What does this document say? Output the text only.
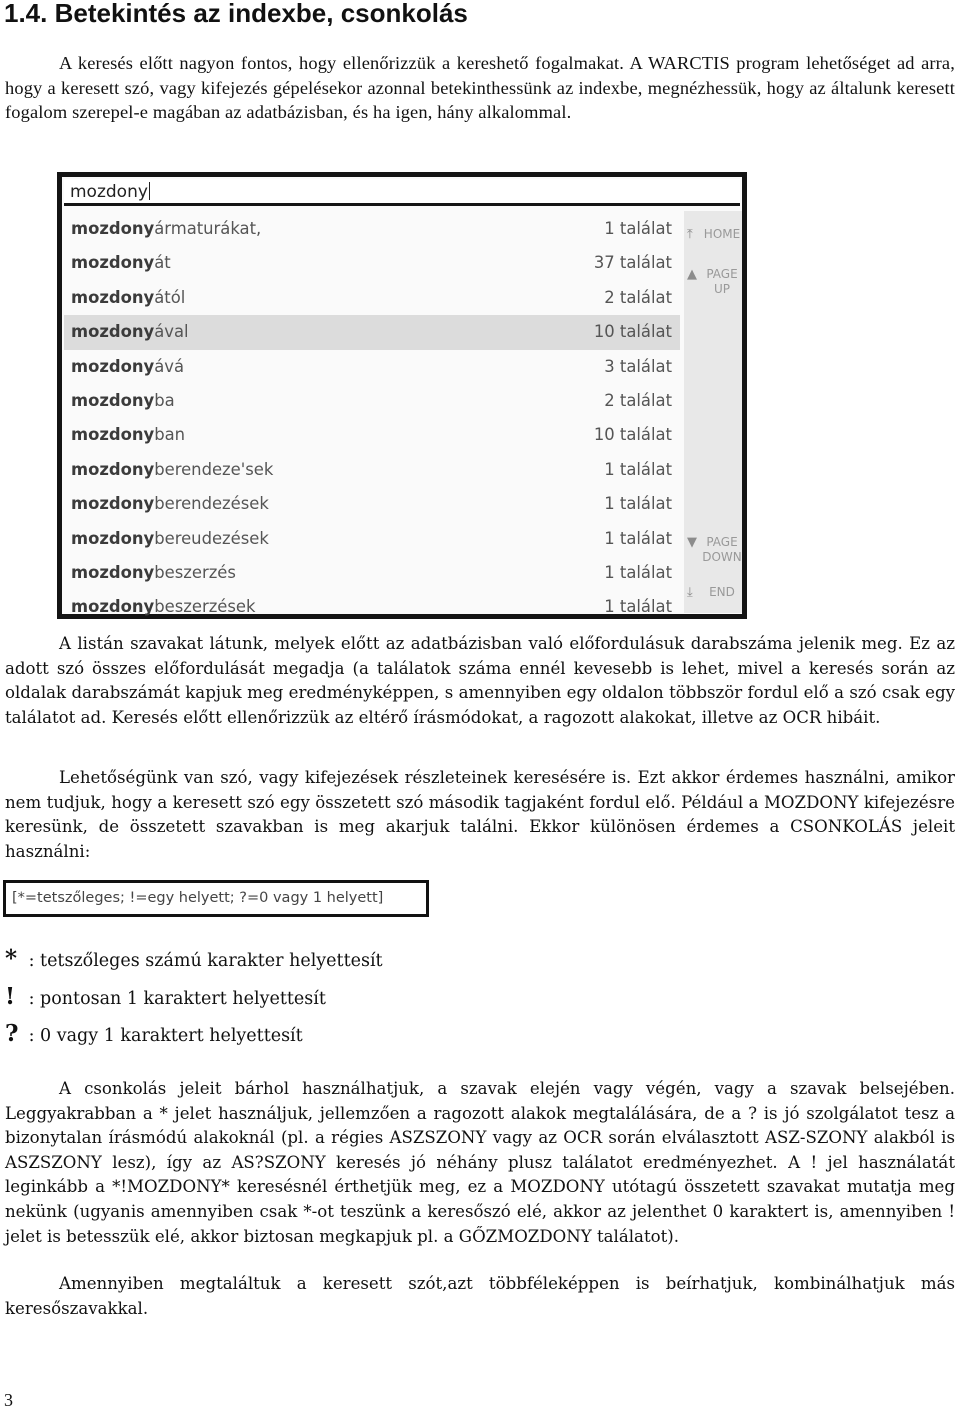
1.4. Betekintés az indexbe, csonkolás

A keresés előtt nagyon fontos, hogy ellenőrizzük a kereshető fogalmakat. A WARCTIS program lehetőséget ad arra, hogy a keresett szó, vagy kifejezés gépelésekor azonnal betekinthessünk az indexbe, megnézhessük, hogy az általunk keresett fogalom szerepel-e magában az adatbázisban, és ha igen, hány alkalommal.

mozdony
mozdonyármaturákat,	1 találat
mozdonyát	37 találat
mozdonyától	2 találat
mozdonyával	10 találat
mozdonyává	3 találat
mozdonyba	2 találat
mozdonyban	10 találat
mozdonyberendeze'sek	1 találat
mozdonyberendezések	1 találat
mozdonybereudezések	1 találat
mozdonybeszerzés	1 találat
mozdonybeszerzések	1 találat
⤒ HOME
▲ PAGE UP
▼ PAGE DOWN
⤓	END

A listán szavakat látunk, melyek előtt az adatbázisban való előfordulásuk darabszáma jelenik meg. Ez az adott szó összes előfordulását megadja (a találatok száma ennél kevesebb is lehet, mivel a keresés során az oldalak darabszámát kapjuk meg eredményképpen, s amennyiben egy oldalon többször fordul elő a szó csak egy találatot ad. Keresés előtt ellenőrizzük az eltérő írásmódokat, a ragozott alakokat, illetve az OCR hibáit.

Lehetőségünk van szó, vagy kifejezések részleteinek keresésére is. Ezt akkor érdemes használni, amikor nem tudjuk, hogy a keresett szó egy összetett szó második tagjaként fordul elő. Például a MOZDONY kifejezésre keresünk, de összetett szavakban is meg akarjuk találni. Ekkor különösen érdemes a CSONKOLÁS jeleit használni:

[*=tetszőleges; !=egy helyett; ?=0 vagy 1 helyett]

* : tetszőleges számú karakter helyettesít

! : pontosan 1 karaktert helyettesít

? : 0 vagy 1 karaktert helyettesít

A csonkolás jeleit bárhol használhatjuk, a szavak elején vagy végén, vagy a szavak belsejében. Leggyakrabban a * jelet használjuk, jellemzően a ragozott alakok megtalálására, de a ? is jó szolgálatot tesz a bizonytalan írásmódú alakoknál (pl. a régies ASZSZONY vagy az OCR során elválasztott ASZ-SZONY alakból is ASZSZONY lesz), így az AS?SZONY keresés jó néhány plusz találatot eredményezhet. A ! jel használatát leginkább a *!MOZDONY* keresésnél érthetjük meg, ez a MOZDONY utótagú összetett szavakat mutatja meg nekünk (ugyanis amennyiben csak *-ot teszünk a keresőszó elé, akkor az jelenthet 0 karaktert is, amennyiben ! jelet is betesszük elé, akkor biztosan megkapjuk pl. a GŐZMOZDONY találatot).

Amennyiben megtaláltuk a keresett szót,azt többféleképpen is beírhatjuk, kombinálhatjuk más keresőszavakkal.

3
